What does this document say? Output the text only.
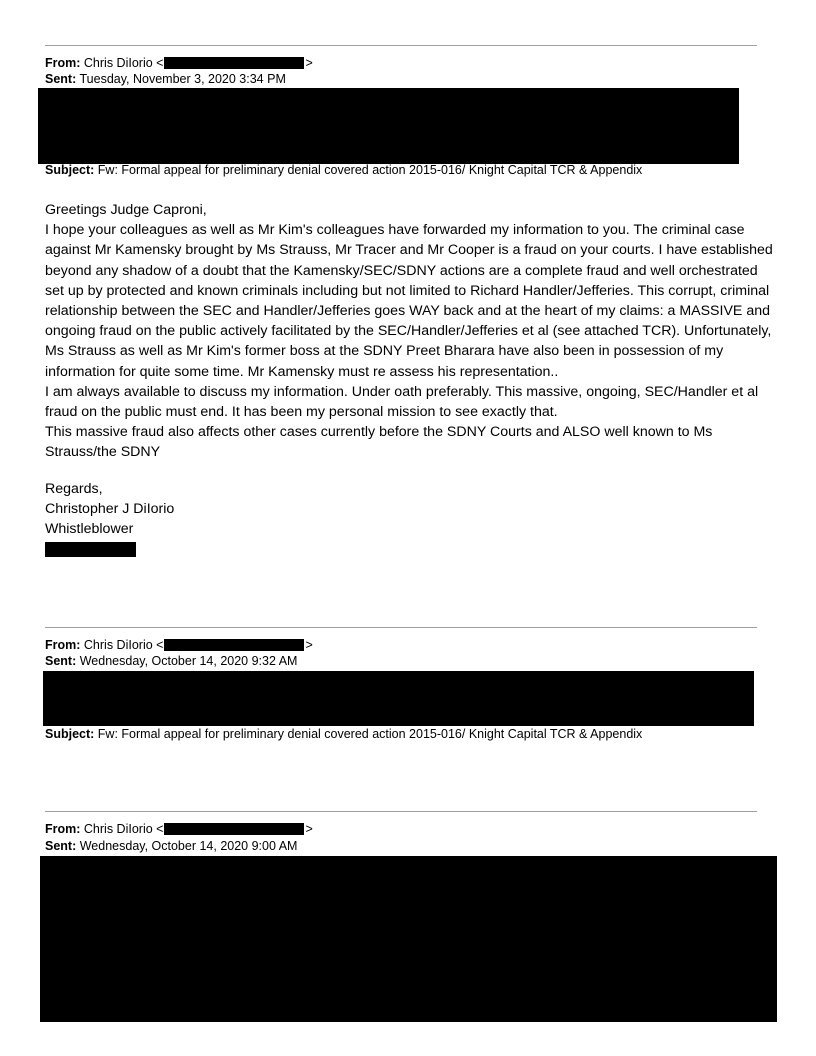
From: Chris DiIorio <	>
Sent: Tuesday, November 3, 2020 3:34 PM
Subject: Fw: Formal appeal for preliminary denial covered action 2015-016/ Knight Capital TCR & Appendix

Greetings Judge Caproni,

I hope your colleagues as well as Mr Kim's colleagues have forwarded my information to you. The criminal case against Mr Kamensky brought by Ms Strauss, Mr Tracer and Mr Cooper is a fraud on your courts. I have established beyond any shadow of a doubt that the Kamensky/SEC/SDNY actions are a complete fraud and well orchestrated set up by protected and known criminals including but not limited to Richard Handler/Jefferies. This corrupt, criminal relationship between the SEC and Handler/Jefferies goes WAY back and at the heart of my claims: a MASSIVE and ongoing fraud on the public actively facilitated by the SEC/Handler/Jefferies et al (see attached TCR). Unfortunately, Ms Strauss as well as Mr Kim's former boss at the SDNY Preet Bharara have also been in possession of my information for quite some time. Mr Kamensky must re assess his representation..

I am always available to discuss my information. Under oath preferably. This massive, ongoing, SEC/Handler et al fraud on the public must end. It has been my personal mission to see exactly that.

This massive fraud also affects other cases currently before the SDNY Courts and ALSO well known to Ms Strauss/the SDNY

Regards,
Christopher J DiIorio
Whistleblower
From: Chris DiIorio <	>
Sent: Wednesday, October 14, 2020 9:32 AM
Subject: Fw: Formal appeal for preliminary denial covered action 2015-016/ Knight Capital TCR & Appendix
From: Chris DiIorio <	>
Sent: Wednesday, October 14, 2020 9:00 AM
